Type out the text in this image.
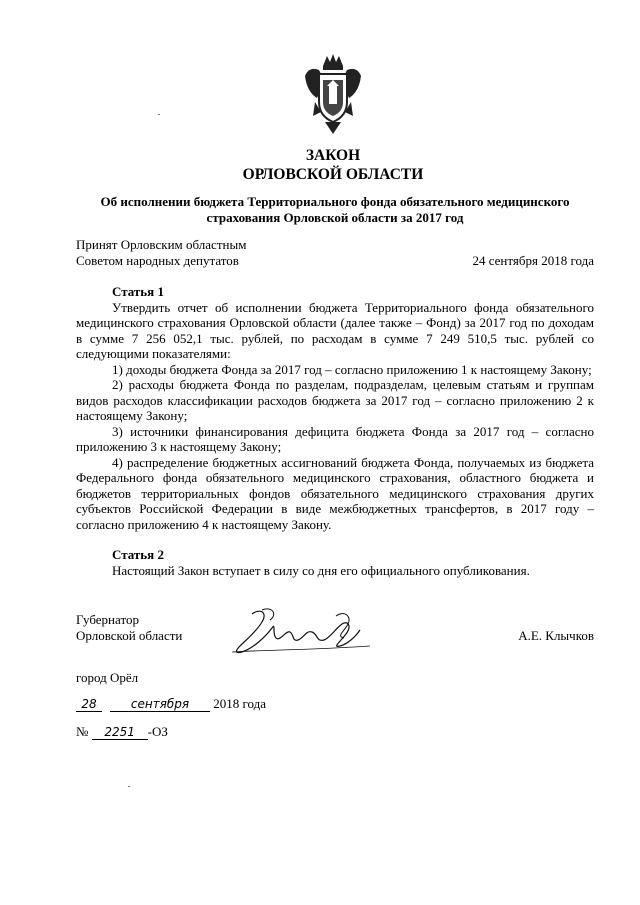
ЗАКОН
ОРЛОВСКОЙ ОБЛАСТИ
Об исполнении бюджета Территориального фонда обязательного медицинского страхования Орловской области за 2017 год
Принят Орловским областным
Советом народных депутатов	24 сентября 2018 года
Статья 1

Утвердить отчет об исполнении бюджета Территориального фонда обязательного медицинского страхования Орловской области (далее также – Фонд) за 2017 год по доходам в сумме 7 256 052,1 тыс. рублей, по расходам в сумме 7 249 510,5 тыс. рублей со следующими показателями:

1) доходы бюджета Фонда за 2017 год – согласно приложению 1 к настоящему Закону;

2) расходы бюджета Фонда по разделам, подразделам, целевым статьям и группам видов расходов классификации расходов бюджета за 2017 год – согласно приложению 2 к настоящему Закону;

3) источники финансирования дефицита бюджета Фонда за 2017 год – согласно приложению 3 к настоящему Закону;

4) распределение бюджетных ассигнований бюджета Фонда, получаемых из бюджета Федерального фонда обязательного медицинского страхования, областного бюджета и бюджетов территориальных фондов обязательного медицинского страхования других субъектов Российской Федерации в виде межбюджетных трансфертов, в 2017 году – согласно приложению 4 к настоящему Закону.

Статья 2

Настоящий Закон вступает в силу со дня его официального опубликования.

Губернатор
Орловской области	А.Е. Клычков
город Орёл
28	сентября 2018 года
№ 2251 -ОЗ
